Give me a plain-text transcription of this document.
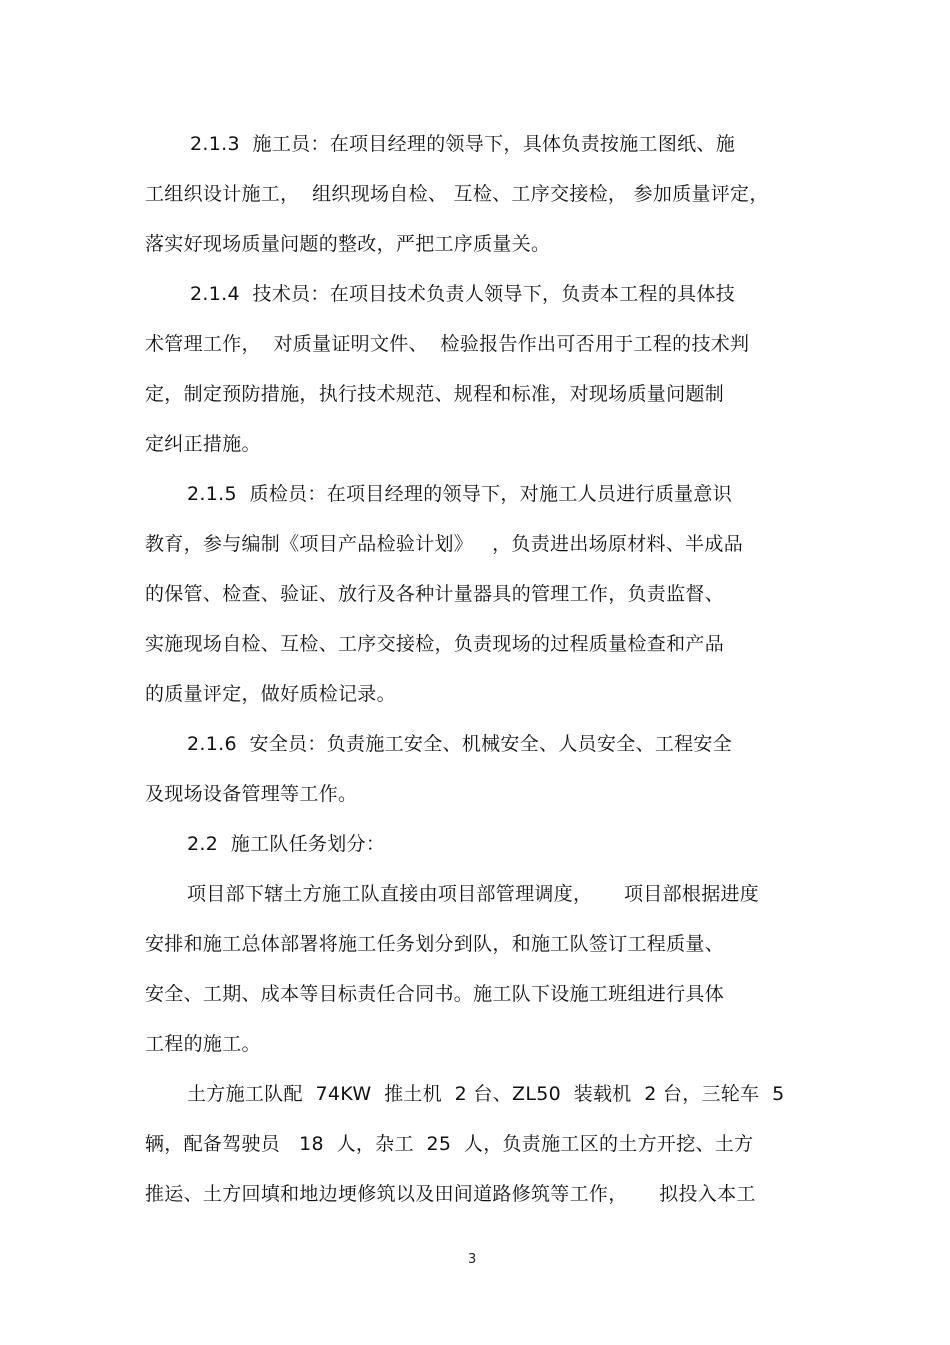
2.1.3  施工员：在项目经理的领导下，具体负责按施工图纸、施
工组织设计施工，  组织现场自检、 互检、工序交接检， 参加质量评定，
落实好现场质量问题的整改，严把工序质量关。
2.1.4  技术员：在项目技术负责人领导下，负责本工程的具体技
术管理工作，  对质量证明文件、  检验报告作出可否用于工程的技术判
定，制定预防措施，执行技术规范、规程和标准，对现场质量问题制
定纠正措施。
2.1.5  质检员：在项目经理的领导下，对施工人员进行质量意识
教育，参与编制《项目产品检验计划》   ，负责进出场原材料、半成品
的保管、检查、验证、放行及各种计量器具的管理工作，负责监督、
实施现场自检、互检、工序交接检，负责现场的过程质量检查和产品
的质量评定，做好质检记录。
2.1.6  安全员：负责施工安全、机械安全、人员安全、工程安全
及现场设备管理等工作。
2.2  施工队任务划分：
项目部下辖土方施工队直接由项目部管理调度，     项目部根据进度
安排和施工总体部署将施工任务划分到队，和施工队签订工程质量、
安全、工期、成本等目标责任合同书。施工队下设施工班组进行具体
工程的施工。
土方施工队配  74KW  推土机  2 台、ZL50  装载机  2 台，三轮车  5
辆，配备驾驶员   18  人，杂工  25  人，负责施工区的土方开挖、土方
推运、土方回填和地边埂修筑以及田间道路修筑等工作，     拟投入本工
3
